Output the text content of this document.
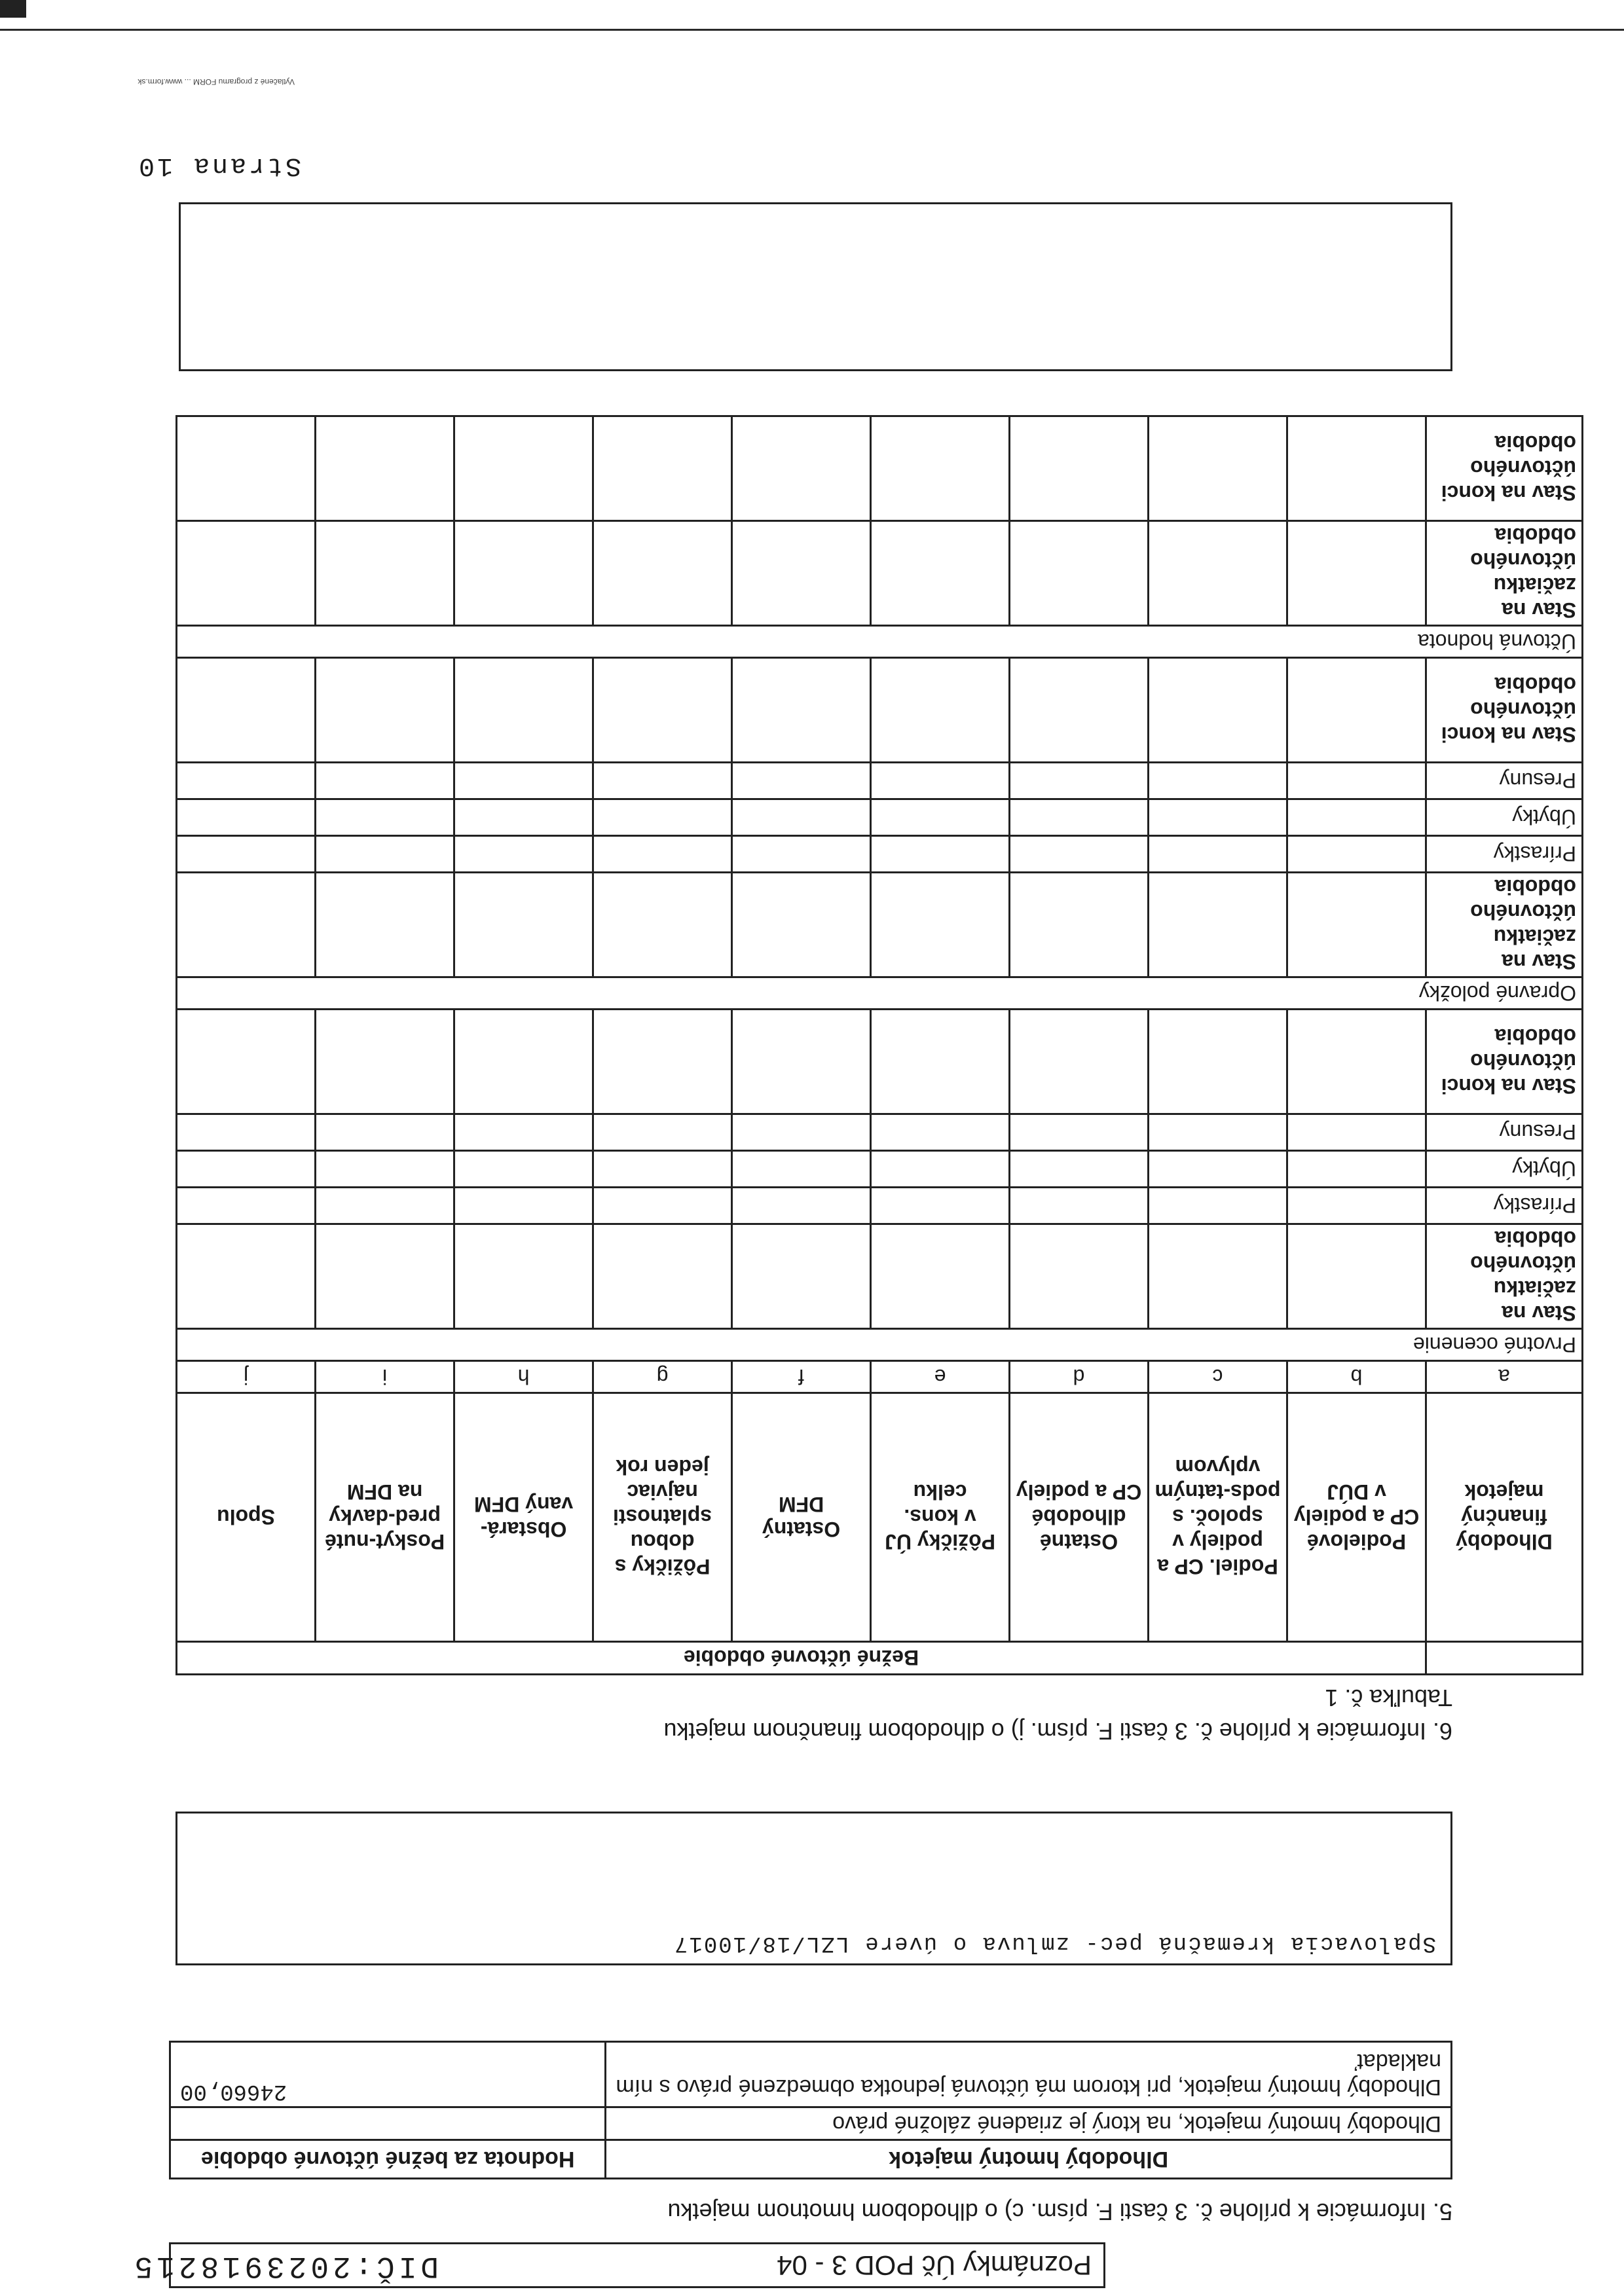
Poznámky Úč POD 3 - 04
DIČ:2023918215
5. Informácie k prílohe č. 3 časti F. písm. c) o dlhodobom hmotnom majetku
Dlhodobý hmotný majetok	Hodnota za bežné účtovné obdobie
Dlhodobý hmotný majetok, na ktorý je zriadené záložné právo	
Dlhodobý hmotný majetok, pri ktorom má účtovná jednotka obmedzené právo s ním nakladať	24660,00
Spalovacia kremačná pec- zmluva o úvere LZL/18/10017
6. Informácie k prílohe č. 3 časti F. písm. j) o dlhodobom finančnom majetku
Tabuľka č. 1
	Bežné účtovné obdobie								
Dlhodobý finančný majetok	Podielové CP a podiely v DÚJ	Podiel. CP a podiely v spoloč. s pods-tatným vplyvom	Ostatné dlhodobé CP a podiely	Pôžičky ÚJ v kons. celku	Ostatný DFM	Pôžičky s dobou splatnosti najviac jeden rok	Obstará-vaný DFM	Poskyt-nuté pred-davky na DFM	Spolu
a	b	c	d	e	f	g	h	i	j
Prvotné ocenenie									
Stav na začiatku účtovného obdobia									
Prírastky									
Úbytky									
Presuny									
Stav na konci účtovného obdobia									
Opravné položky									
Stav na začiatku účtovného obdobia									
Prírastky									
Úbytky									
Presuny									
Stav na konci účtovného obdobia									
Účtovná hodnota									
Stav na začiatku účtovného obdobia									
Stav na konci účtovného obdobia									
Strana 10
Vytlačené z programu FORM ... www.form.sk
